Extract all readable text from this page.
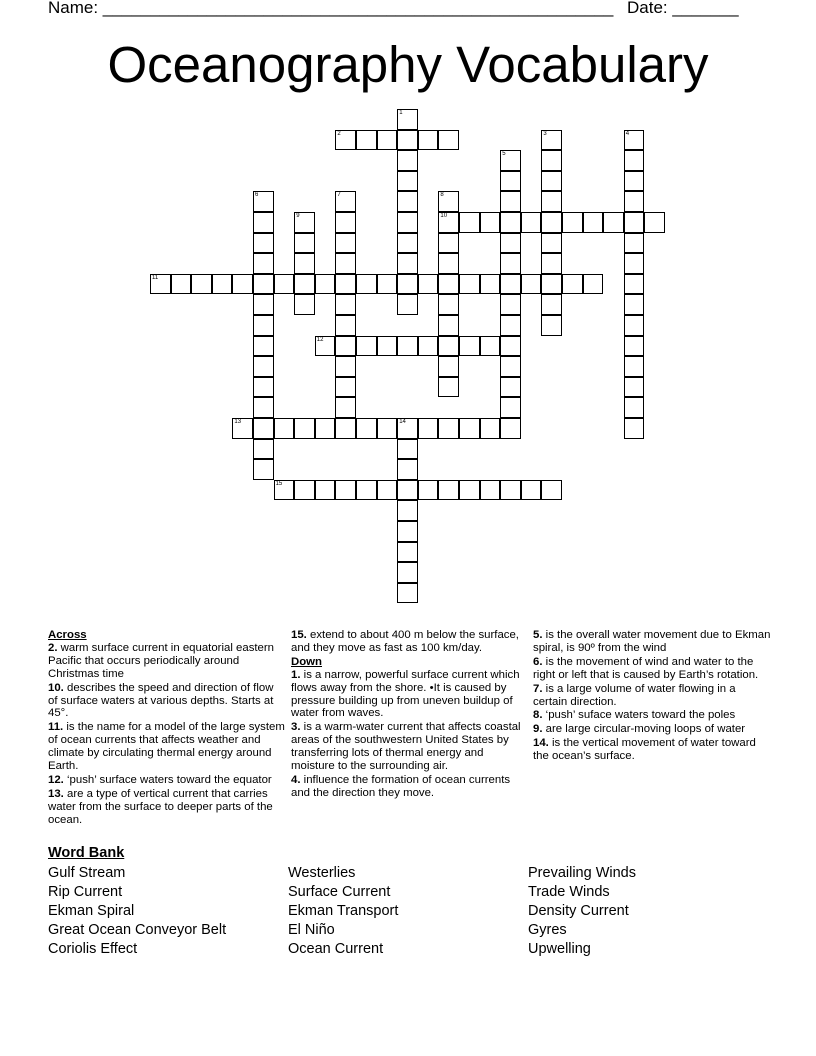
Name: ______________________________________________________ Date: _______
Oceanography Vocabulary
1
2	3	4
5
6	7	8
10
9
11
12
13	14
15
Across
2. warm surface current in equatorial eastern Pacific that occurs periodically around Christmas time
10. describes the speed and direction of flow of surface waters at various depths. Starts at 45°.
11. is the name for a model of the large system of ocean currents that affects weather and climate by circulating thermal energy around Earth.
12. ‘push’ surface waters toward the equator
13. are a type of vertical current that carries water from the surface to deeper parts of the ocean.
15. extend to about 400 m below the surface, and they move as fast as 100 km/day.
Down
1. is a narrow, powerful surface current which flows away from the shore. •It is caused by pressure building up from uneven buildup of water from waves.
3. is a warm-water current that affects coastal areas of the southwestern United States by transferring lots of thermal energy and moisture to the surrounding air.
4. influence the formation of ocean currents and the direction they move.
5. is the overall water movement due to Ekman spiral, is 90º from the wind
6. is the movement of wind and water to the right or left that is caused by Earth’s rotation.
7. is a large volume of water flowing in a certain direction.
8. ‘push’ suface waters toward the poles
9. are large circular-moving loops of water
14. is the vertical movement of water toward the ocean’s surface.
Word Bank
Gulf Stream
Rip Current
Ekman Spiral
Great Ocean Conveyor Belt
Coriolis Effect
Westerlies
Surface Current
Ekman Transport
El Niño
Ocean Current
Prevailing Winds
Trade Winds
Density Current
Gyres
Upwelling
